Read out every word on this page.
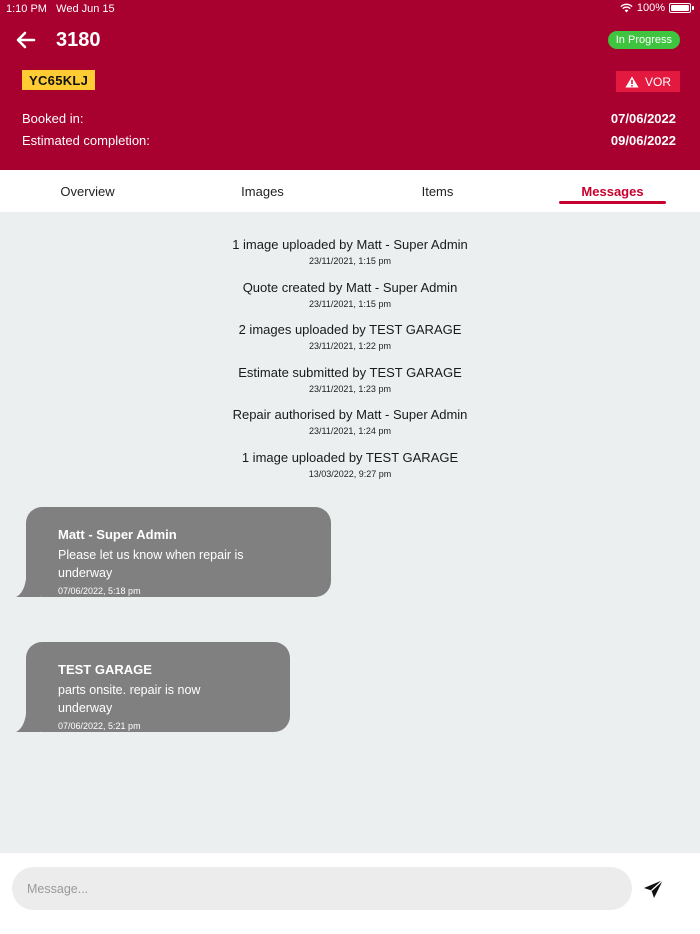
1:10 PM Wed Jun 15	100%
3180	In Progress
YC65KLJ	VOR
Booked in:	07/06/2022
Estimated completion:	09/06/2022
Overview	Images	Items	Messages
1 image uploaded by Matt - Super Admin
23/11/2021, 1:15 pm
Quote created by Matt - Super Admin
23/11/2021, 1:15 pm
2 images uploaded by TEST GARAGE
23/11/2021, 1:22 pm
Estimate submitted by TEST GARAGE
23/11/2021, 1:23 pm
Repair authorised by Matt - Super Admin
23/11/2021, 1:24 pm
1 image uploaded by TEST GARAGE
13/03/2022, 9:27 pm
Matt - Super Admin
Please let us know when repair is underway
07/06/2022, 5:18 pm
TEST GARAGE
parts onsite. repair is now underway
07/06/2022, 5:21 pm
Message...
